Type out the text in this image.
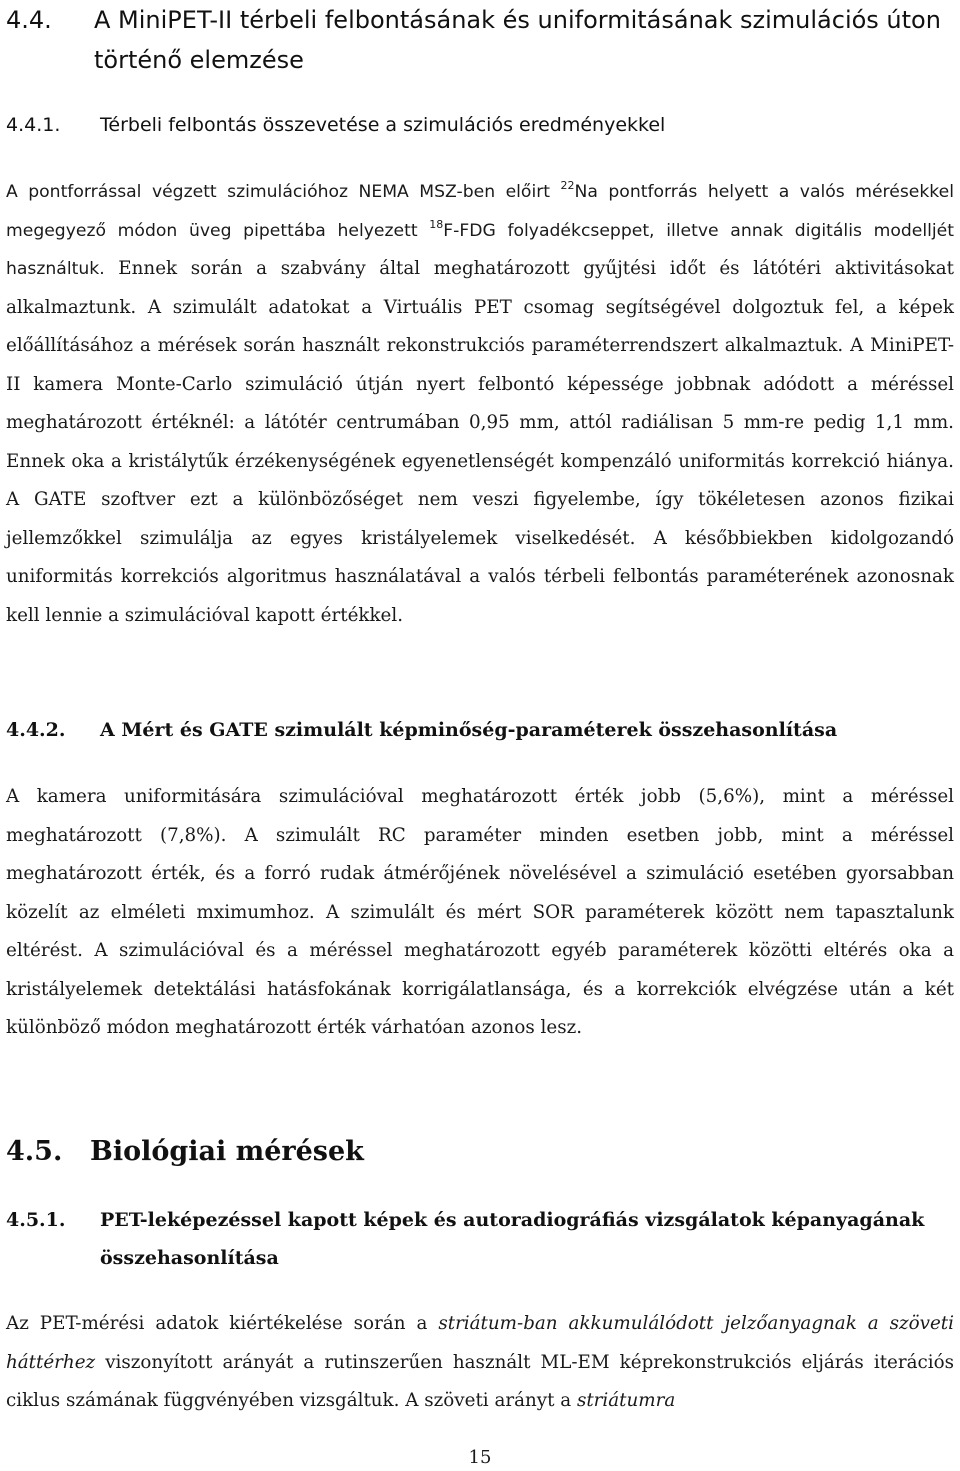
4.4. A MiniPET-II térbeli felbontásának és uniformitásának szimulációs úton történő elemzése
4.4.1. Térbeli felbontás összevetése a szimulációs eredményekkel
A pontforrással végzett szimulációhoz NEMA MSZ-ben előirt $^{22}$Na pontforrás helyett a valós mérésekkel megegyező módon üveg pipettába helyezett $^{18}$F-FDG folyadékcseppet, illetve annak digitális modelljét használtuk. Ennek során a szabvány által meghatározott gyűjtési időt és látótéri aktivitásokat alkalmaztunk. A szimulált adatokat a Virtuális PET csomag segítségével dolgoztuk fel, a képek előállításához a mérések során használt rekonstrukciós paraméterrendszert alkalmaztuk. A MiniPET-II kamera Monte-Carlo szimuláció útján nyert felbontó képessége jobbnak adódott a méréssel meghatározott értéknél: a látótér centrumában 0,95 mm, attól radiálisan 5 mm-re pedig 1,1 mm. Ennek oka a kristálytűk érzékenységének egyenetlenségét kompenzáló uniformitás korrekció hiánya. A GATE szoftver ezt a különbözőséget nem veszi figyelembe, így tökéletesen azonos fizikai jellemzőkkel szimulálja az egyes kristályelemek viselkedését. A későbbiekben kidolgozandó uniformitás korrekciós algoritmus használatával a valós térbeli felbontás paraméterének azonosnak kell lennie a szimulációval kapott értékkel.
4.4.2. A Mért és GATE szimulált képminőség-paraméterek összehasonlítása
A kamera uniformitására szimulációval meghatározott érték jobb (5,6%), mint a méréssel meghatározott (7,8%). A szimulált RC paraméter minden esetben jobb, mint a méréssel meghatározott érték, és a forró rudak átmérőjének növelésével a szimuláció esetében gyorsabban közelít az elméleti mximumhoz. A szimulált és mért SOR paraméterek között nem tapasztalunk eltérést. A szimulációval és a méréssel meghatározott egyéb paraméterek közötti eltérés oka a kristályelemek detektálási hatásfokának korrigálatlansága, és a korrekciók elvégzése után a két különböző módon meghatározott érték várhatóan azonos lesz.
4.5. Biológiai mérések
4.5.1. PET-leképezéssel kapott képek és autoradiográfiás vizsgálatok képanyagának összehasonlítása
Az PET-mérési adatok kiértékelése során a striátum-ban akkumulálódott jelzőanyagnak a szöveti háttérhez viszonyított arányát a rutinszerűen használt ML-EM képrekonstrukciós eljárás iterációs ciklus számának függvényében vizsgáltuk. A szöveti arányt a striátumra
15
